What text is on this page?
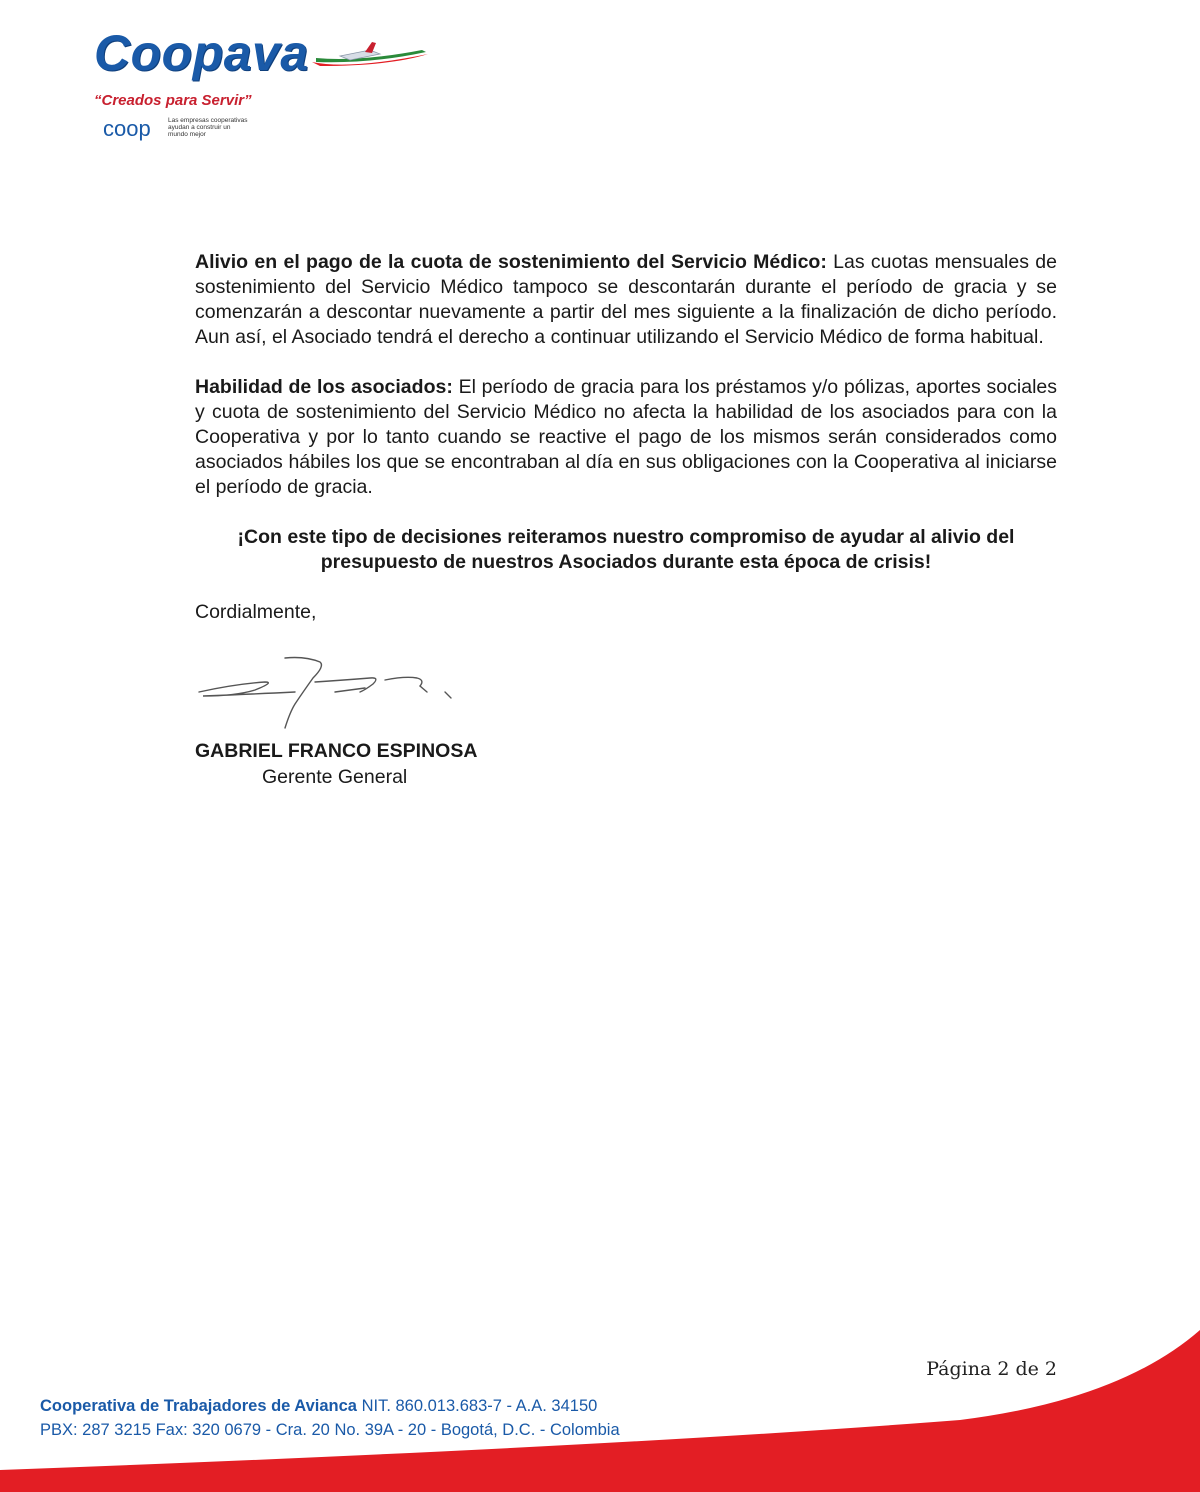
Coopava
“Creados para Servir”
coop	Las empresas cooperativas ayudan a construir un mundo mejor

Alivio en el pago de la cuota de sostenimiento del Servicio Médico: Las cuotas mensuales de sostenimiento del Servicio Médico tampoco se descontarán durante el período de gracia y se comenzarán a descontar nuevamente a partir del mes siguiente a la finalización de dicho período. Aun así, el Asociado tendrá el derecho a continuar utilizando el Servicio Médico de forma habitual.

Habilidad de los asociados: El período de gracia para los préstamos y/o pólizas, aportes sociales y cuota de sostenimiento del Servicio Médico no afecta la habilidad de los asociados para con la Cooperativa y por lo tanto cuando se reactive el pago de los mismos serán considerados como asociados hábiles los que se encontraban al día en sus obligaciones con la Cooperativa al iniciarse el período de gracia.

¡Con este tipo de decisiones reiteramos nuestro compromiso de ayudar al alivio del
presupuesto de nuestros Asociados durante esta época de crisis!

Cordialmente,

GABRIEL FRANCO ESPINOSA
Gerente General
Página 2 de 2
Cooperativa de Trabajadores de Avianca NIT. 860.013.683-7 - A.A. 34150
PBX: 287 3215 Fax: 320 0679 - Cra. 20 No. 39A - 20 - Bogotá, D.C. - Colombia
